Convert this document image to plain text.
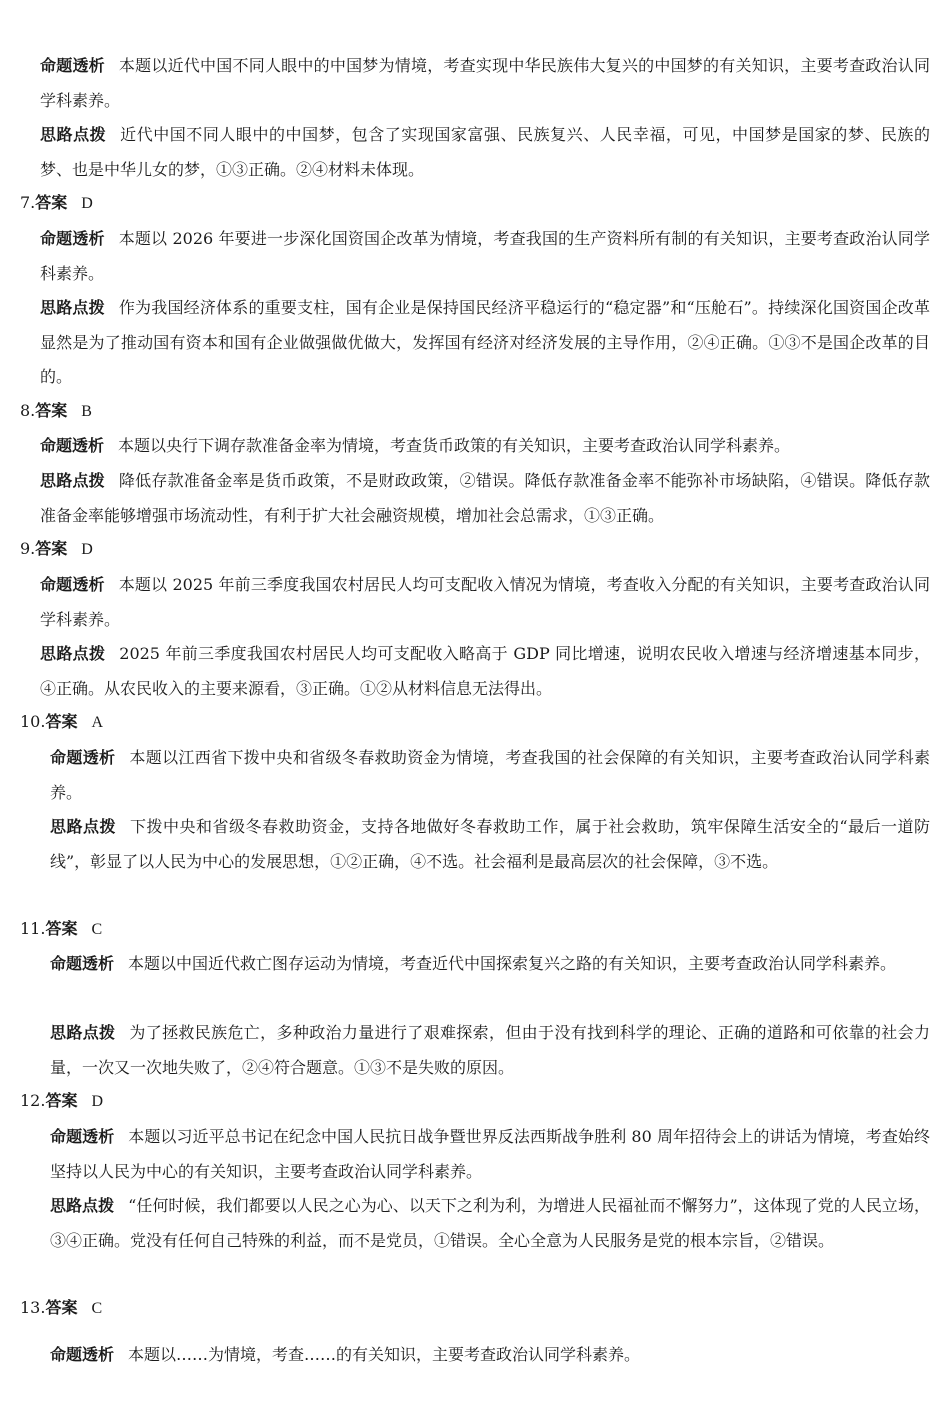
命题透析 本题以近代中国不同人眼中的中国梦为情境，考查实现中华民族伟大复兴的中国梦的有关知识，主要考查政治认同学科素养。
思路点拨 近代中国不同人眼中的中国梦，包含了实现国家富强、民族复兴、人民幸福，可见，中国梦是国家的梦、民族的梦、也是中华儿女的梦，①③正确。②④材料未体现。
7.答案 D
命题透析 本题以 2026 年要进一步深化国资国企改革为情境，考查我国的生产资料所有制的有关知识，主要考查政治认同学科素养。
思路点拨 作为我国经济体系的重要支柱，国有企业是保持国民经济平稳运行的“稳定器”和“压舱石”。持续深化国资国企改革显然是为了推动国有资本和国有企业做强做优做大，发挥国有经济对经济发展的主导作用，②④正确。①③不是国企改革的目的。
8.答案 B
命题透析 本题以央行下调存款准备金率为情境，考查货币政策的有关知识，主要考查政治认同学科素养。
思路点拨 降低存款准备金率是货币政策，不是财政政策，②错误。降低存款准备金率不能弥补市场缺陷，④错误。降低存款准备金率能够增强市场流动性，有利于扩大社会融资规模，增加社会总需求，①③正确。
9.答案 D
命题透析 本题以 2025 年前三季度我国农村居民人均可支配收入情况为情境，考查收入分配的有关知识，主要考查政治认同学科素养。
思路点拨 2025 年前三季度我国农村居民人均可支配收入略高于 GDP 同比增速，说明农民收入增速与经济增速基本同步，④正确。从农民收入的主要来源看，③正确。①②从材料信息无法得出。
10.答案 A
命题透析 本题以江西省下拨中央和省级冬春救助资金为情境，考查我国的社会保障的有关知识，主要考查政治认同学科素养。
思路点拨 下拨中央和省级冬春救助资金，支持各地做好冬春救助工作，属于社会救助，筑牢保障生活安全的“最后一道防线”，彰显了以人民为中心的发展思想，①②正确，④不选。社会福利是最高层次的社会保障，③不选。
11.答案 C
命题透析 本题以中国近代救亡图存运动为情境，考查近代中国探索复兴之路的有关知识，主要考查政治认同学科素养。
思路点拨 为了拯救民族危亡，多种政治力量进行了艰难探索，但由于没有找到科学的理论、正确的道路和可依靠的社会力量，一次又一次地失败了，②④符合题意。①③不是失败的原因。
12.答案 D
命题透析 本题以习近平总书记在纪念中国人民抗日战争暨世界反法西斯战争胜利 80 周年招待会上的讲话为情境，考查始终坚持以人民为中心的有关知识，主要考查政治认同学科素养。
思路点拨 “任何时候，我们都要以人民之心为心、以天下之利为利，为增进人民福祉而不懈努力”，这体现了党的人民立场，③④正确。党没有任何自己特殊的利益，而不是党员，①错误。全心全意为人民服务是党的根本宗旨，②错误。
13.答案 C
命题透析 本题以……为情境，考查……的有关知识，主要考查政治认同学科素养。
